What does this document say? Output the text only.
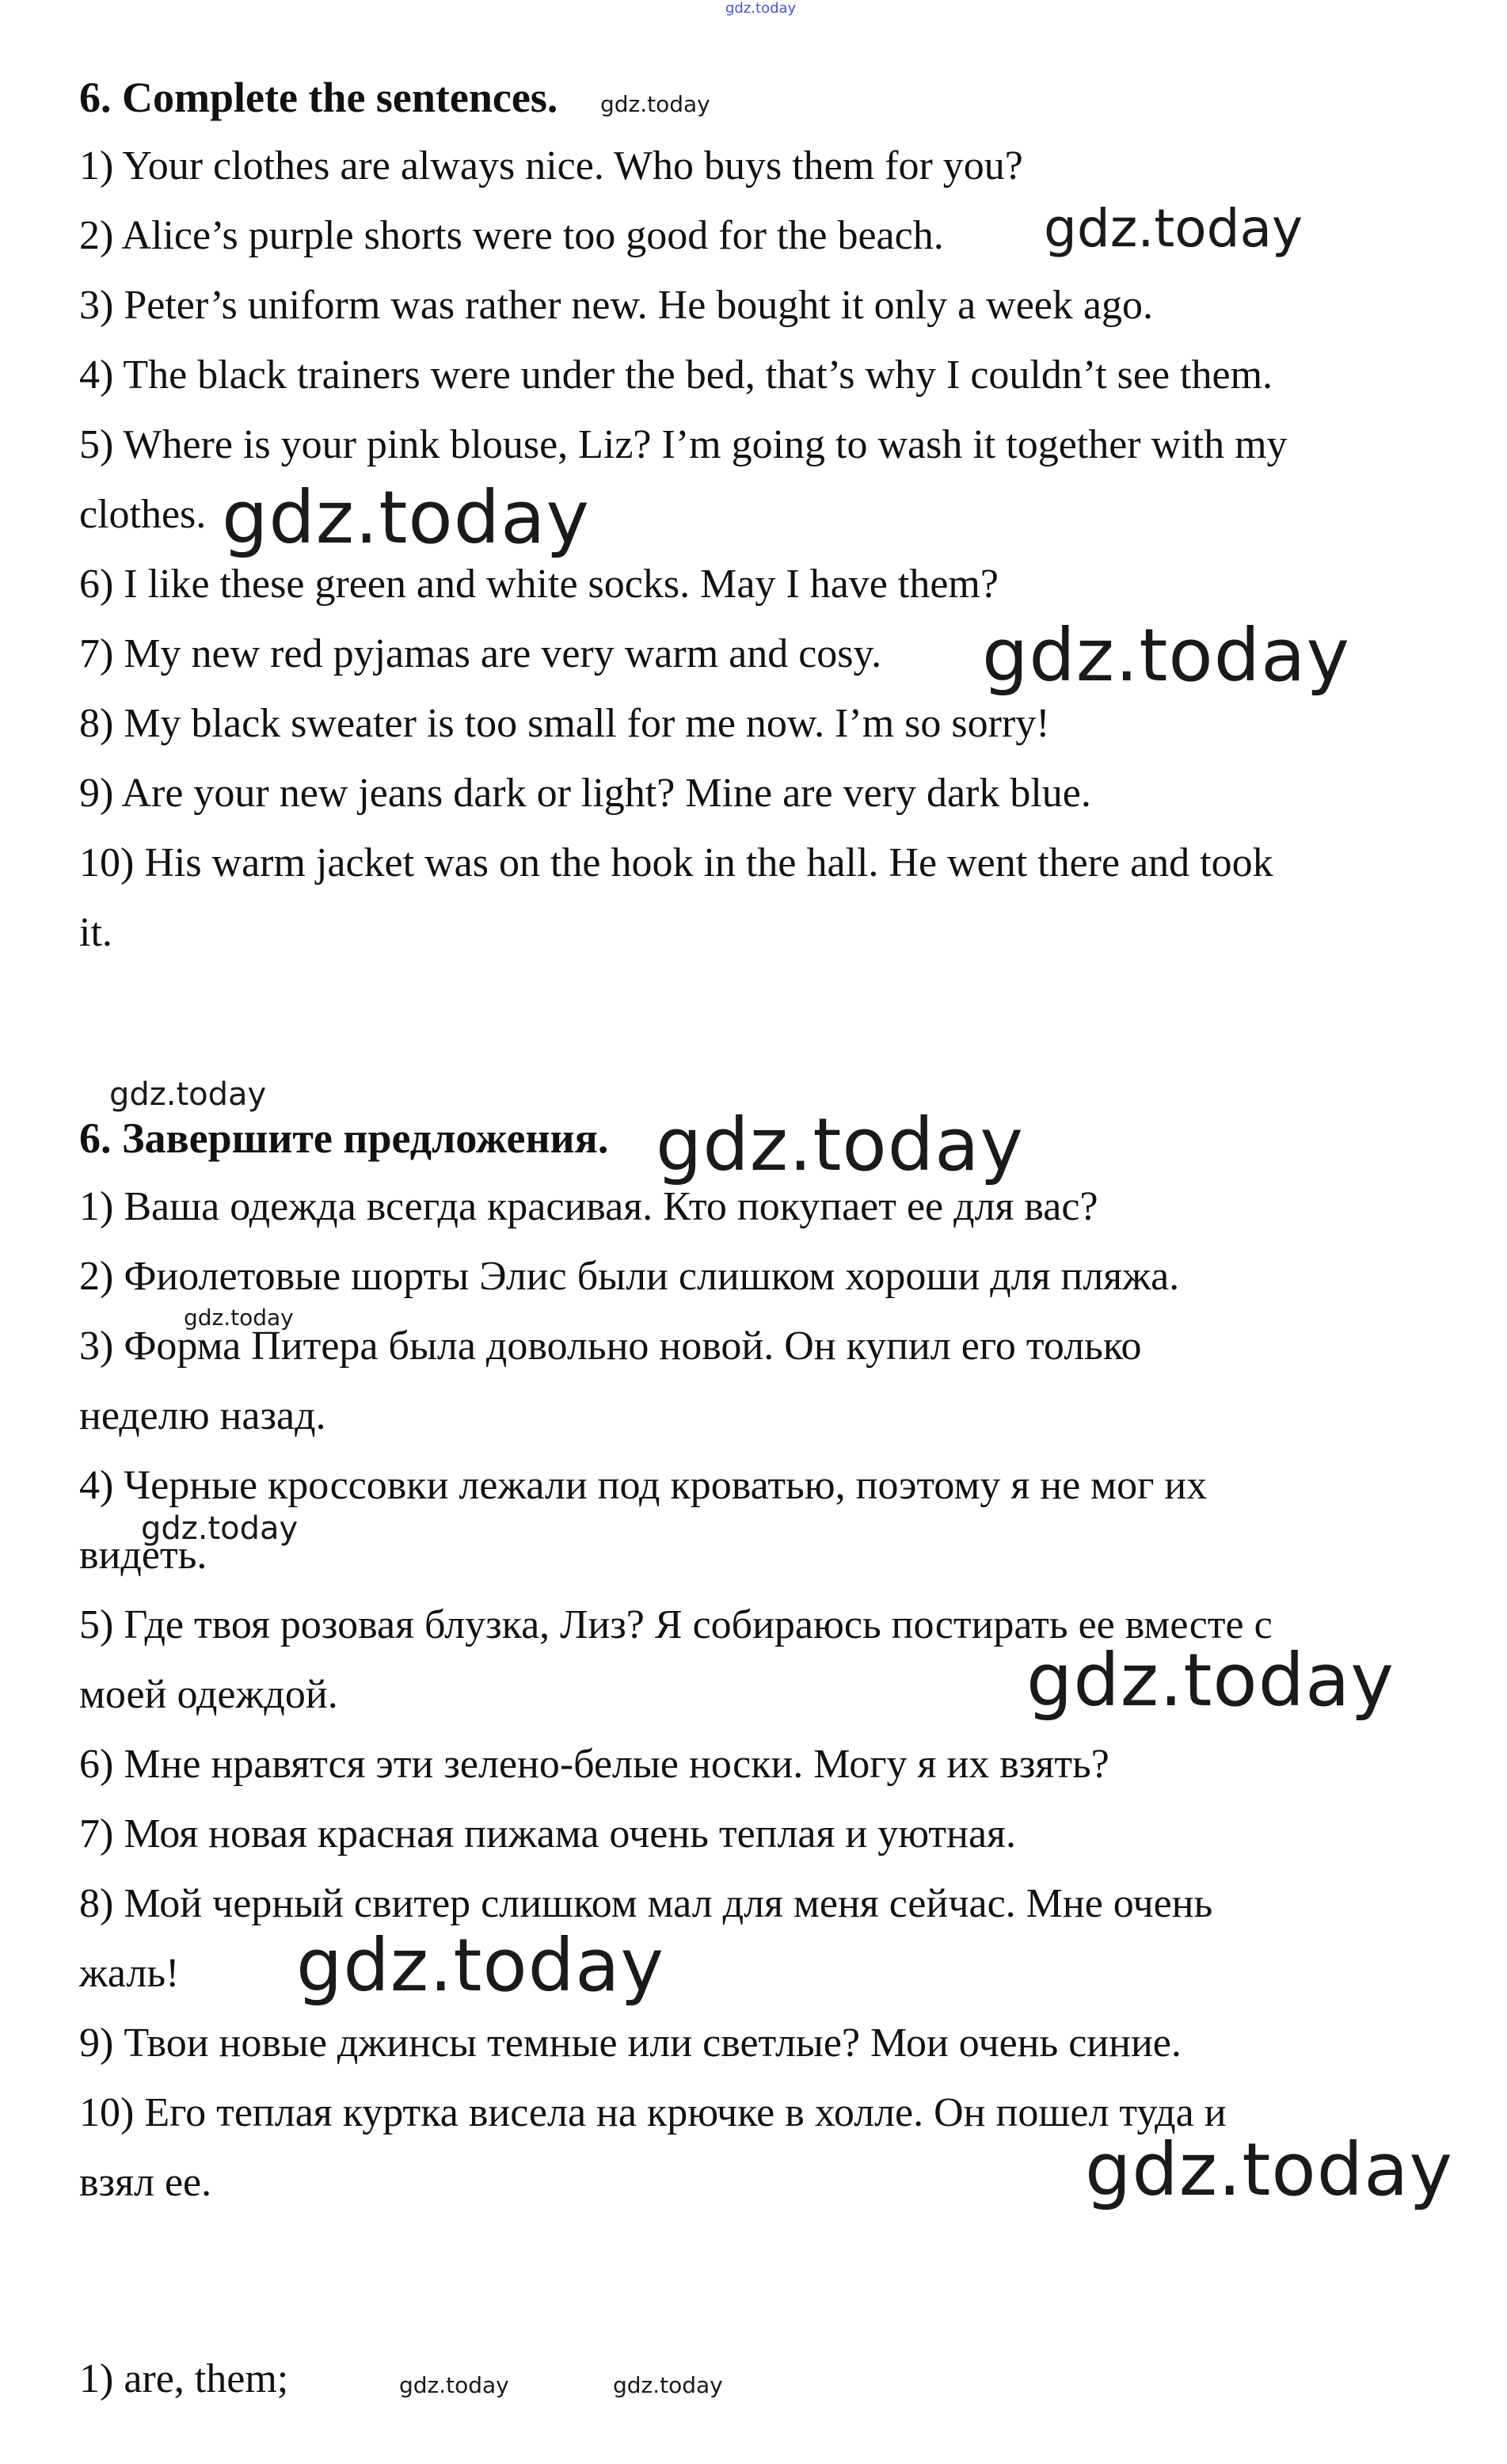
gdz.today
6. Complete the sentences. gdz.today
1) Your clothes are always nice. Who buys them for you?
2) Alice’s purple shorts were too good for the beach. gdz.today
3) Peter’s uniform was rather new. He bought it only a week ago.
4) The black trainers were under the bed, that’s why I couldn’t see them.
5) Where is your pink blouse, Liz? I’m going to wash it together with my
clothes. gdz.today
6) I like these green and white socks. May I have them?
7) My new red pyjamas are very warm and cosy. gdz.today
8) My black sweater is too small for me now. I’m so sorry!
9) Are your new jeans dark or light? Mine are very dark blue.
10) His warm jacket was on the hook in the hall. He went there and took
it.
gdz.today
6. Завершите предложения. gdz.today
1) Ваша одежда всегда красивая. Кто покупает ее для вас?
2) Фиолетовые шорты Элис были слишком хороши для пляжа.
gdz.today
3) Форма Питера была довольно новой. Он купил его только
неделю назад.
4) Черные кроссовки лежали под кроватью, поэтому я не мог их
gdz.today
видеть.
5) Где твоя розовая блузка, Лиз? Я собираюсь постирать ее вместе с
моей одеждой.	gdz.today
6) Мне нравятся эти зелено-белые носки. Могу я их взять?
7) Моя новая красная пижама очень теплая и уютная.
8) Мой черный свитер слишком мал для меня сейчас. Мне очень
жаль! gdz.today
9) Твои новые джинсы темные или светлые? Мои очень синие.
10) Его теплая куртка висела на крючке в холле. Он пошел туда и
взял ее.	gdz.today
1) are, them;	gdz.today	gdz.today
